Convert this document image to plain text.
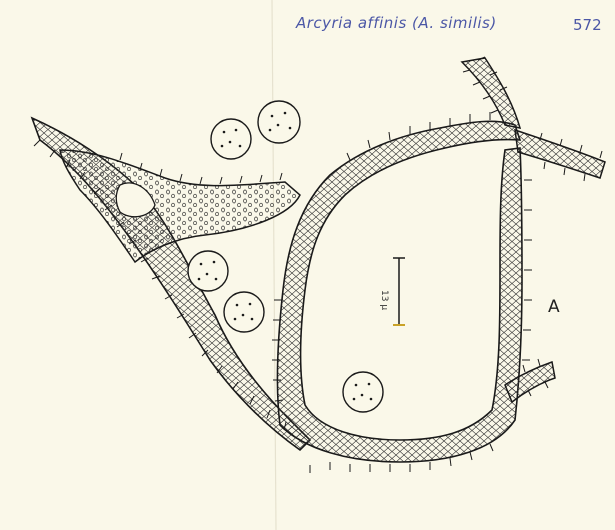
Arcyria affinis (A. similis)	572
A
13 µ
